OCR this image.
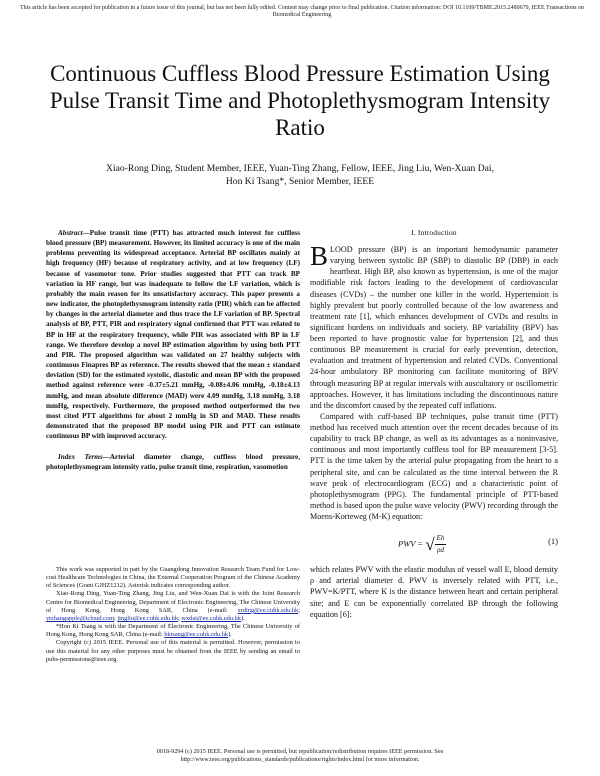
This article has been accepted for publication in a future issue of this journal, but has not been fully edited. Content may change prior to final publication. Citation information: DOI 10.1109/TBME.2015.2480679, IEEE Transactions on Biomedical Engineering
Continuous Cuffless Blood Pressure Estimation Using Pulse Transit Time and Photoplethysmogram Intensity Ratio
Xiao-Rong Ding, Student Member, IEEE, Yuan-Ting Zhang, Fellow, IEEE, Jing Liu, Wen-Xuan Dai,
Hon Ki Tsang*, Senior Member, IEEE

Abstract—Pulse transit time (PTT) has attracted much interest for cuffless blood pressure (BP) measurement. However, its limited accuracy is one of the main problems preventing its widespread acceptance. Arterial BP oscillates mainly at high frequency (HF) because of respiratory activity, and at low frequency (LF) because of vasomotor tone. Prior studies suggested that PTT can track BP variation in HF range, but was inadequate to follow the LF variation, which is probably the main reason for its unsatisfactory accuracy. This paper presents a new indicator, the photoplethysmogram intensity ratio (PIR) which can be affected by changes in the arterial diameter and thus trace the LF variation of BP. Spectral analysis of BP, PTT, PIR and respiratory signal confirmed that PTT was related to BP in HF at the respiratory frequency, while PIR was associated with BP in LF range. We therefore develop a novel BP estimation algorithm by using both PTT and PIR. The proposed algorithm was validated on 27 healthy subjects with continuous Finapres BP as reference. The results showed that the mean ± standard deviation (SD) for the estimated systolic, diastolic and mean BP with the proposed method against reference were -0.37±5.21 mmHg, -0.08±4.06 mmHg, -0.18±4.13 mmHg, and mean absolute difference (MAD) were 4.09 mmHg, 3.18 mmHg, 3.18 mmHg, respectively. Furthermore, the proposed method outperformed the two most cited PTT algorithms for about 2 mmHg in SD and MAD. These results demonstrated that the proposed BP model using PIR and PTT can estimate continuous BP with improved accuracy.

Index Terms—Arterial diameter change, cuffless blood pressure, photoplethysmogram intensity ratio, pulse transit time, respiration, vasomotion

This work was supported in part by the Guangdong Innovation Research Team Fund for Low-cost Healthcare Technologies in China, the External Cooperation Program of the Chinese Academy of Sciences (Grant GJHZ1212). Asterisk indicates corresponding author.

Xiao-Rong Ding, Yuan-Ting Zhang, Jing Liu, and Wen-Xuan Dai is with the Joint Research Centre for Biomedical Engineering, Department of Electronic Engineering, The Chinese University of Hong Kong, Hong Kong SAR, China (e-mail: xrding@ee.cuhk.edu.hk; ytzhangapple@icloud.com; jingliu@ee.cuhk.edu.hk; wxdai@ee.cuhk.edu.hk).

*Hon Ki Tsang is with the Department of Electronic Engineering, The Chinese University of Hong Kong, Hong Kong SAR, China (e-mail: hktsang@ee.cuhk.edu.hk).

Copyright (c) 2015 IEEE. Personal use of this material is permitted. However, permission to use this material for any other purposes must be obtained from the IEEE by sending an email to pubs-permissions@ieee.org.

I. Introduction

BLOOD pressure (BP) is an important hemodynamic parameter varying between systolic BP (SBP) to diastolic BP (DBP) in each heartbeat. High BP, also known as hypertension, is one of the major modifiable risk factors leading to the development of cardiovascular diseases (CVDs) – the number one killer in the world. Hypertension is highly prevalent but poorly controlled because of the low awareness and treatment rate [1], which enhances development of CVDs and results in significant burdens on individuals and society. BP variability (BPV) has been reported to have prognostic value for hypertension [2], and thus continuous BP measurement is crucial for early prevention, detection, evaluation and treatment of hypertension and related CVDs. Conventional 24-hour ambulatory BP monitoring can facilitate monitoring of BPV through measuring BP at regular intervals with auscultatory or oscillometric approaches. However, it has limitations including the discontinuous nature and the discomfort caused by the repeated cuff inflations.

Compared with cuff-based BP techniques, pulse transit time (PTT) method has received much attention over the recent decades because of its capability to track BP change, as well as its advantages as a noninvasive, continuous and most importantly cuffless tool for BP measurement [3-5]. PTT is the time taken by the arterial pulse propagating from the heart to a peripheral site, and can be calculated as the time interval between the R wave peak of electrocardiogram (ECG) and a characteristic point of photoplethysmogram (PPG). The fundamental principle of PTT-based method is based upon the pulse wave velocity (PWV) recording through the Moens-Korteweg (M-K) equation:

PWV = √ $\frac{Eh}{\rho d}$	(1)

which relates PWV with the elastic modulus of vessel wall E, blood density ρ and arterial diameter d. PWV is inversely related with PTT, i.e., PWV=K/PTT, where K is the distance between heart and certain peripheral site; and E can be exponentially correlated BP through the following equation [6]:

0018-9294 (c) 2015 IEEE. Personal use is permitted, but republication/redistribution requires IEEE permission. See
http://www.ieee.org/publications_standards/publications/rights/index.html for more information.
